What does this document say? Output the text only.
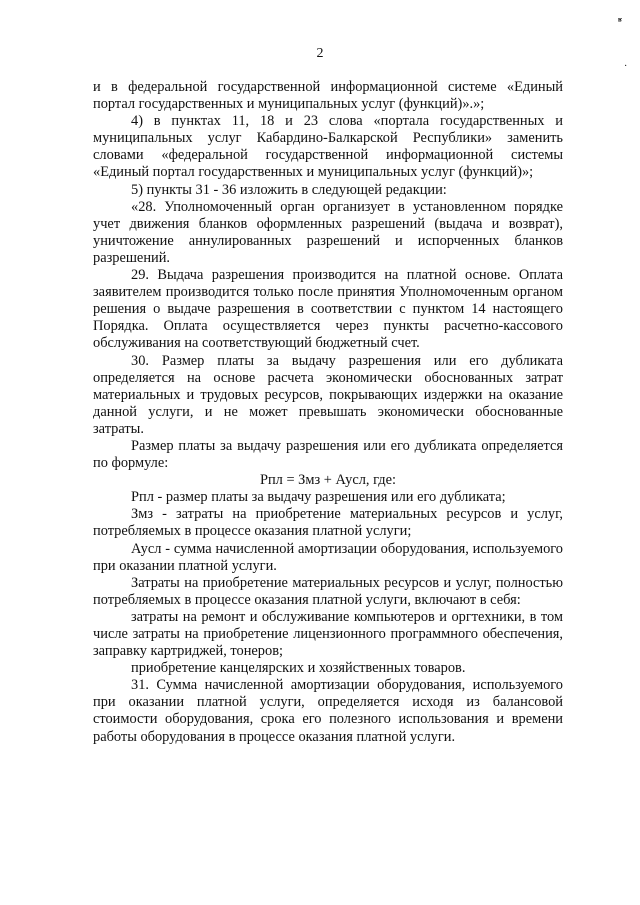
2
ʶ
·

и в федеральной государственной информационной системе «Единый портал государственных и муниципальных услуг (функций)».»;

4) в пунктах 11, 18 и 23 слова «портала государственных и муниципальных услуг Кабардино-Балкарской Республики» заменить словами «федеральной государственной информационной системы «Единый портал государственных и муниципальных услуг (функций)»;

5) пункты 31 - 36 изложить в следующей редакции:

«28. Уполномоченный орган организует в установленном порядке учет движения бланков оформленных разрешений (выдача и возврат), уничтожение аннулированных разрешений и испорченных бланков разрешений.

29. Выдача разрешения производится на платной основе. Оплата заявителем производится только после принятия Уполномоченным органом решения о выдаче разрешения в соответствии с пунктом 14 настоящего Порядка. Оплата осуществляется через пункты расчетно-кассового обслуживания на соответствующий бюджетный счет.

30. Размер платы за выдачу разрешения или его дубликата определяется на основе расчета экономически обоснованных затрат материальных и трудовых ресурсов, покрывающих издержки на оказание данной услуги, и не может превышать экономически обоснованные затраты.

Размер платы за выдачу разрешения или его дубликата определяется по формуле:

Рпл = Змз + Аусл, где:

Рпл - размер платы за выдачу разрешения или его дубликата;

Змз - затраты на приобретение материальных ресурсов и услуг, потребляемых в процессе оказания платной услуги;

Аусл - сумма начисленной амортизации оборудования, используемого при оказании платной услуги.

Затраты на приобретение материальных ресурсов и услуг, полностью потребляемых в процессе оказания платной услуги, включают в себя:

затраты на ремонт и обслуживание компьютеров и оргтехники, в том числе затраты на приобретение лицензионного программного обеспечения, заправку картриджей, тонеров;

приобретение канцелярских и хозяйственных товаров.

31. Сумма начисленной амортизации оборудования, используемого при оказании платной услуги, определяется исходя из балансовой стоимости оборудования, срока его полезного использования и времени работы оборудования в процессе оказания платной услуги.
